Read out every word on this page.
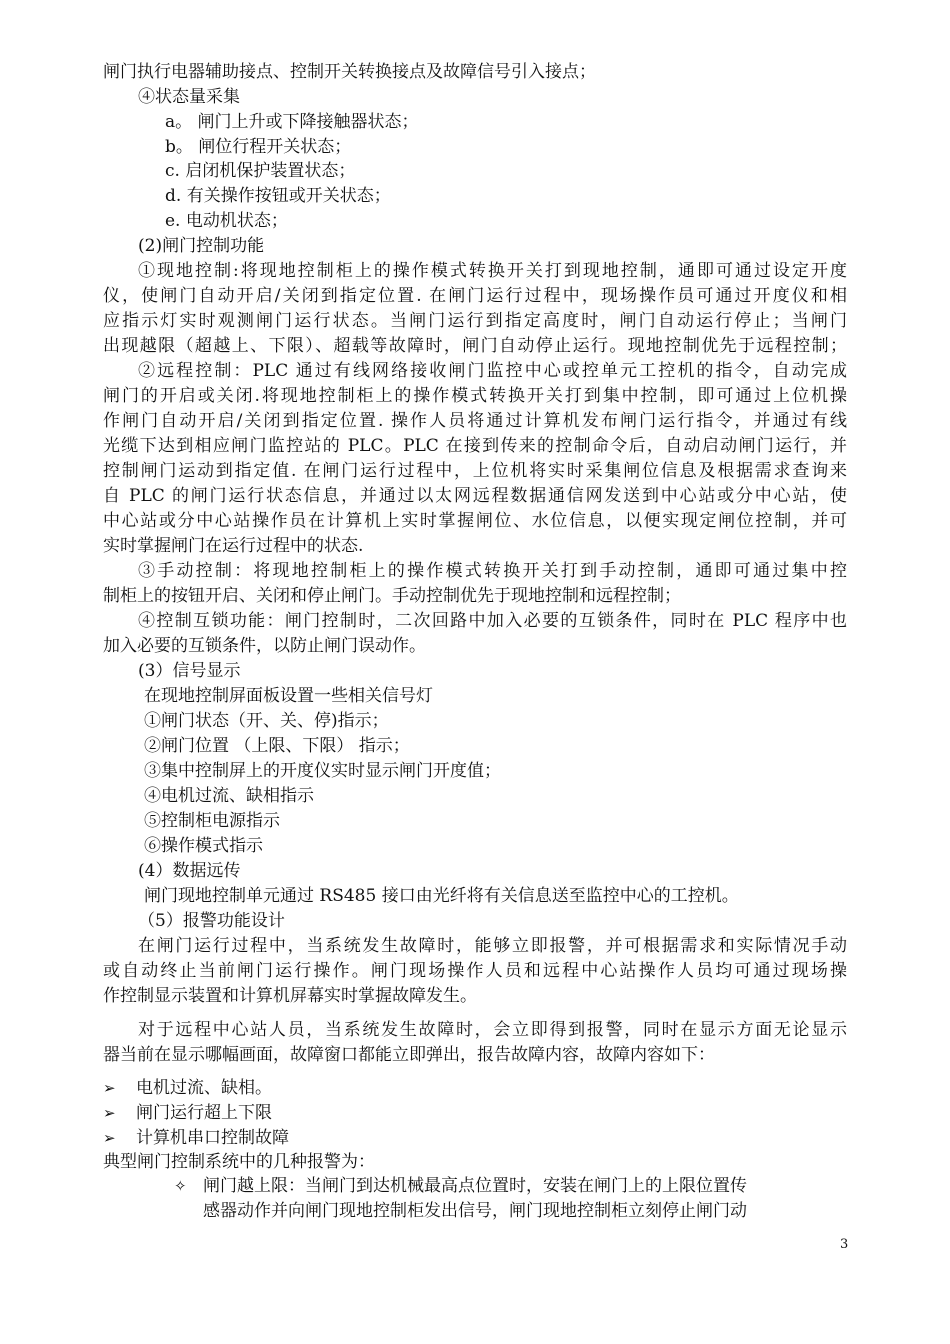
闸门执行电器辅助接点、控制开关转换接点及故障信号引入接点；
④状态量采集
a。 闸门上升或下降接触器状态；
b。 闸位行程开关状态；
c. 启闭机保护装置状态；
d. 有关操作按钮或开关状态；
e. 电动机状态；
(2)闸门控制功能
①现地控制:将现地控制柜上的操作模式转换开关打到现地控制，通即可通过设定开度
仪，使闸门自动开启/关闭到指定位置. 在闸门运行过程中，现场操作员可通过开度仪和相
应指示灯实时观测闸门运行状态。当闸门运行到指定高度时，闸门自动运行停止；当闸门
出现越限（超越上、下限）、超载等故障时，闸门自动停止运行。现地控制优先于远程控制；
②远程控制：PLC 通过有线网络接收闸门监控中心或控单元工控机的指令，自动完成
闸门的开启或关闭.将现地控制柜上的操作模式转换开关打到集中控制，即可通过上位机操
作闸门自动开启/关闭到指定位置. 操作人员将通过计算机发布闸门运行指令，并通过有线
光缆下达到相应闸门监控站的 PLC。PLC 在接到传来的控制命令后，自动启动闸门运行，并
控制闸门运动到指定值. 在闸门运行过程中，上位机将实时采集闸位信息及根据需求查询来
自 PLC 的闸门运行状态信息，并通过以太网远程数据通信网发送到中心站或分中心站，使
中心站或分中心站操作员在计算机上实时掌握闸位、水位信息，以便实现定闸位控制，并可
实时掌握闸门在运行过程中的状态.
③手动控制：将现地控制柜上的操作模式转换开关打到手动控制，通即可通过集中控
制柜上的按钮开启、关闭和停止闸门。手动控制优先于现地控制和远程控制；
④控制互锁功能：闸门控制时，二次回路中加入必要的互锁条件，同时在 PLC 程序中也
加入必要的互锁条件，以防止闸门误动作。
(3）信号显示
在现地控制屏面板设置一些相关信号灯
①闸门状态（开、关、停)指示；
②闸门位置 （上限、下限） 指示；
③集中控制屏上的开度仪实时显示闸门开度值；
④电机过流、缺相指示
⑤控制柜电源指示
⑥操作模式指示
(4）数据远传
闸门现地控制单元通过 RS485 接口由光纤将有关信息送至监控中心的工控机。
（5）报警功能设计
在闸门运行过程中，当系统发生故障时，能够立即报警，并可根据需求和实际情况手动
或自动终止当前闸门运行操作。闸门现场操作人员和远程中心站操作人员均可通过现场操
作控制显示装置和计算机屏幕实时掌握故障发生。
对于远程中心站人员，当系统发生故障时，会立即得到报警，同时在显示方面无论显示
器当前在显示哪幅画面，故障窗口都能立即弹出，报告故障内容，故障内容如下：
➢ 电机过流、缺相。
➢ 闸门运行超上下限
➢ 计算机串口控制故障
典型闸门控制系统中的几种报警为：
✧ 闸门越上限：当闸门到达机械最高点位置时，安装在闸门上的上限位置传
感器动作并向闸门现地控制柜发出信号，闸门现地控制柜立刻停止闸门动
3
